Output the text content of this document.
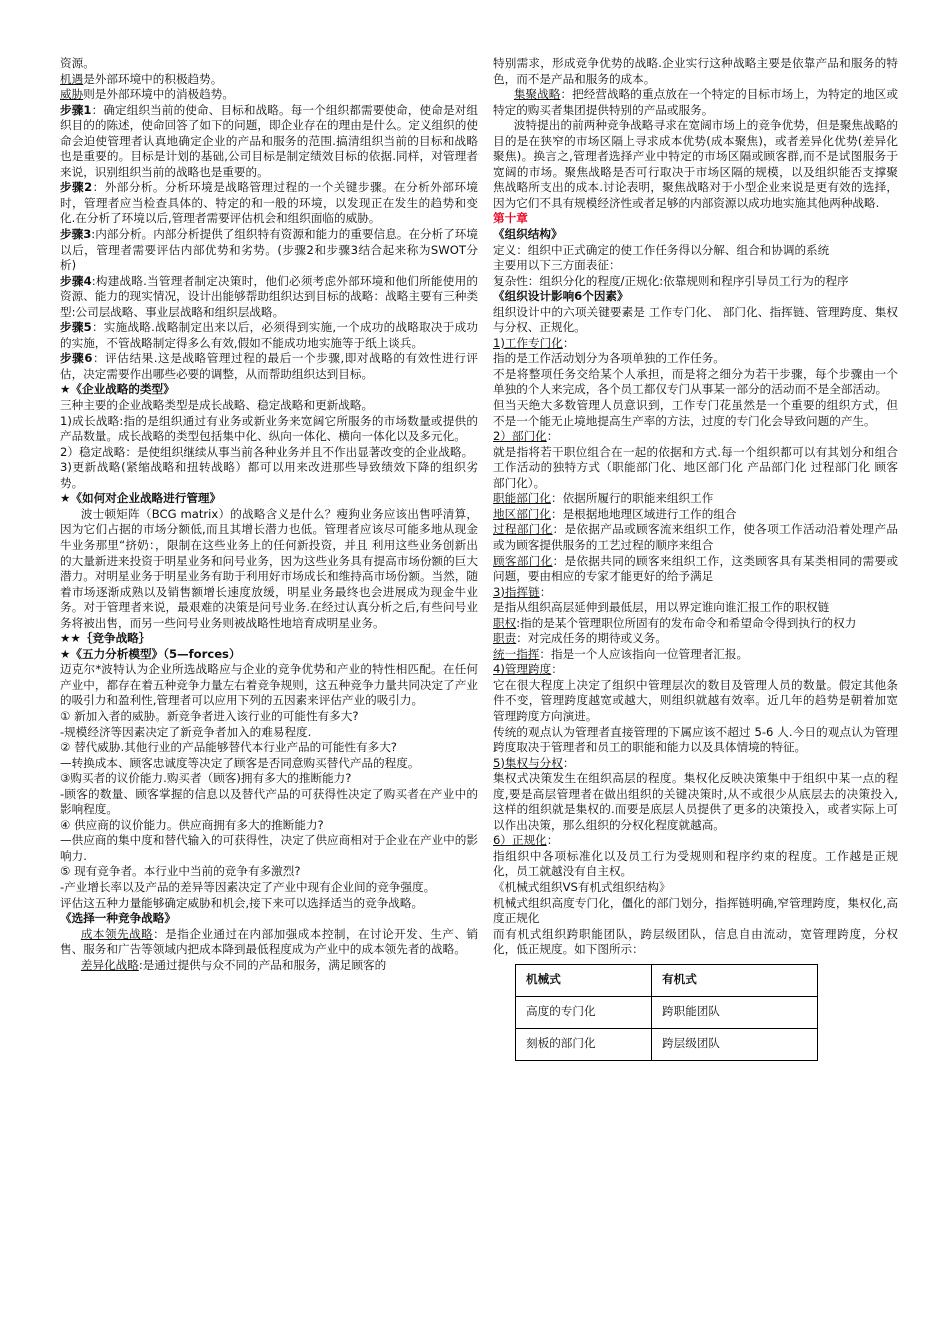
资源。

机遇是外部环境中的积极趋势。

威胁则是外部环境中的消极趋势。

步骤1：确定组织当前的使命、目标和战略。每一个组织都需要使命，使命是对组织目的的陈述，使命回答了如下的问题，即企业存在的理由是什么。定义组织的使命会迫使管理者认真地确定企业的产品和服务的范围.搞清组织当前的目标和战略也是重要的。目标是计划的基础,公司目标是制定绩效目标的依据.同样，对管理者来说，识别组织当前的战略也是重要的。

步骤2：外部分析。分析环境是战略管理过程的一个关键步骤。在分析外部环境时，管理者应当检查具体的、特定的和一般的环境，以发现正在发生的趋势和变化.在分析了环境以后,管理者需要评估机会和组织面临的威胁。

步骤3:内部分析。内部分析提供了组织特有资源和能力的重要信息。在分析了环境以后，管理者需要评估内部优势和劣势。(步骤2和步骤3结合起来称为SWOT分析)

步骤4:构建战略.当管理者制定决策时，他们必须考虑外部环境和他们所能使用的资源、能力的现实情况，设计出能够帮助组织达到目标的战略：战略主要有三种类型:公司层战略、事业层战略和组织层战略。

步骤5：实施战略.战略制定出来以后，必须得到实施,一个成功的战略取决于成功的实施，不管战略制定得多么有效,假如不能成功地实施等于纸上谈兵。

步骤6：评估结果.这是战略管理过程的最后一个步骤,即对战略的有效性进行评估，决定需要作出哪些必要的调整，从而帮助组织达到目标。

★《企业战略的类型》

三种主要的企业战略类型是成长战略、稳定战略和更新战略。

1)成长战略:指的是组织通过有业务或新业务来宽阔它所服务的市场数量或提供的产品数量。成长战略的类型包括集中化、纵向一体化、横向一体化以及多元化。

2）稳定战略：是使组织继续从事当前各种业务并且不作出显著改变的企业战略。

3)更新战略(紧缩战略和扭转战略）都可以用来改进那些导致绩效下降的组织劣势。

★《如何对企业战略进行管理》

波士顿矩阵（BCG matrix）的战略含义是什么？瘦狗业务应该出售呼清算，因为它们占据的市场分额低,而且其增长潜力也低。管理者应该尽可能多地从现金牛业务那里“挤奶：，限制在这些业务上的任何新投资，并且 利用这些业务创新出的大量新进来投资于明星业务和问号业务，因为这些业务具有提高市场份额的巨大潜力。对明星业务于明星业务有助于利用好市场成长和维持高市场份额。当然，随着市场逐渐成熟以及销售额增长速度放缓，明星业务最终也会进展成为现金牛业务。对于管理者来说，最艰难的决策是问号业务.在经过认真分析之后,有些问号业务将被出售，而另一些问号业务则被战略性地培育成明星业务。

★★｛竞争战略｝

★《五力分析模型》（5—forces）

迈克尔*波特认为企业所选战略应与企业的竞争优势和产业的特性相匹配。在任何产业中，都存在着五种竞争力量左右着竞争规则，这五种竞争力量共同决定了产业的吸引力和盈利性,管理者可以应用下列的五因素来评估产业的吸引力。

① 新加入者的威胁。新竞争者进入该行业的可能性有多大?

-规模经济等因素决定了新竞争者加入的难易程度.

② 替代威胁.其他行业的产品能够替代本行业产品的可能性有多大?

—转换成本、顾客忠诚度等决定了顾客是否同意购买替代产品的程度。

③购买者的议价能力.购买者（顾客)拥有多大的推断能力?

-顾客的数量、顾客掌握的信息以及替代产品的可获得性决定了购买者在产业中的影响程度。

④ 供应商的议价能力。供应商拥有多大的推断能力?

—供应商的集中度和替代输入的可获得性，决定了供应商相对于企业在产业中的影响力.

⑤ 现有竞争者。本行业中当前的竞争有多激烈?

-产业增长率以及产品的差异等因素决定了产业中现有企业间的竞争强度。

评估这五种力量能够确定威胁和机会,接下来可以选择适当的竞争战略。

《选择一种竞争战略》

成本领先战略：是指企业通过在内部加强成本控制，在讨论开发、生产、销售、服务和广告等领域内把成本降到最低程度成为产业中的成本领先者的战略。

差异化战略:是通过提供与众不同的产品和服务，满足顾客的

特别需求，形成竞争优势的战略.企业实行这种战略主要是依靠产品和服务的特色，而不是产品和服务的成本。

集聚战略：把经营战略的重点放在一个特定的目标市场上，为特定的地区或特定的购买者集团提供特别的产品或服务。

波特提出的前两种竞争战略寻求在宽阔市场上的竞争优势，但是聚焦战略的目的是在狭窄的市场区隔上寻求成本优势(成本聚焦)，或者差异化优势(差异化聚焦)。换言之,管理者选择产业中特定的市场区隔或顾客群,而不是试图服务于宽阔的市场。聚焦战略是否可行取决于市场区隔的规模，以及组织能否支撑聚焦战略所支出的成本.讨论表明，聚焦战略对于小型企业来说是更有效的选择，因为它们不具有规模经济性或者足够的内部资源以成功地实施其他两种战略.

第十章

《组织结构》

定义：组织中正式确定的使工作任务得以分解、组合和协调的系统

主要用以下三方面表征：

复杂性：组织分化的程度/正规化:依靠规则和程序引导员工行为的程序

《组织设计影响6个因素》

组织设计中的六项关键要素是 工作专门化、 部门化、指挥链、管理跨度、集权与分权、正规化。

1)工作专门化：

指的是工作活动划分为各项单独的工作任务。

不是将整项任务交给某个人承担，而是将之细分为若干步骤，每个步骤由一个单独的个人来完成，各个员工都仅专门从事某一部分的活动而不是全部活动。

但当天绝大多数管理人员意识到，工作专门花虽然是一个重要的组织方式，但不是一个能无止境地提高生产率的方法，过度的专门化会导致问题的产生。

2）部门化：

就是指将若干职位组合在一起的依据和方式.每一个组织都可以有其划分和组合工作活动的独特方式（职能部门化、地区部门化 产品部门化 过程部门化 顾客部门化）。

职能部门化：依据所履行的职能来组织工作

地区部门化：是根据地地理区域进行工作的组合

过程部门化：是依据产品或顾客流来组织工作，使各项工作活动沿着处理产品或为顾客提供服务的工艺过程的顺序来组合

顾客部门化：是依据共同的顾客来组织工作，这类顾客具有某类相同的需要或问题，要由相应的专家才能更好的给予满足

3)指挥链：

是指从组织高层延伸到最低层，用以界定谁向谁汇报工作的职权链

职权:指的是某个管理职位所固有的发布命令和希望命令得到执行的权力

职责：对完成任务的期待或义务。

统一指挥：指是一个人应该指向一位管理者汇报。

4)管理跨度：

它在很大程度上决定了组织中管理层次的数目及管理人员的数量。假定其他条件不变，管理跨度越宽或越大，则组织就越有效率。近几年的趋势是朝着加宽管理跨度方向演进。

传统的观点认为管理者直接管理的下属应该不超过 5-6 人.今日的观点认为管理跨度取决于管理者和员工的职能和能力以及具体情境的特征。

5)集权与分权：

集权式决策发生在组织高层的程度。集权化反映决策集中于组织中某一点的程度,要是高层管理者在做出组织的关键决策时,从不或很少从底层去的决策投入,这样的组织就是集权的.而要是底层人员提供了更多的决策投入，或者实际上可以作出决策，那么组织的分权化程度就越高。

6）正规化：

指组织中各项标准化以及员工行为受规则和程序约束的程度。工作越是正规化，员工就越没有自主权。

《机械式组织VS有机式组织结构》

机械式组织高度专门化，僵化的部门划分，指挥链明确,窄管理跨度，集权化,高度正规化

而有机式组织跨职能团队，跨层级团队，信息自由流动，宽管理跨度，分权化，低正规度。如下图所示：

机械式	有机式
高度的专门化	跨职能团队
刻板的部门化	跨层级团队
